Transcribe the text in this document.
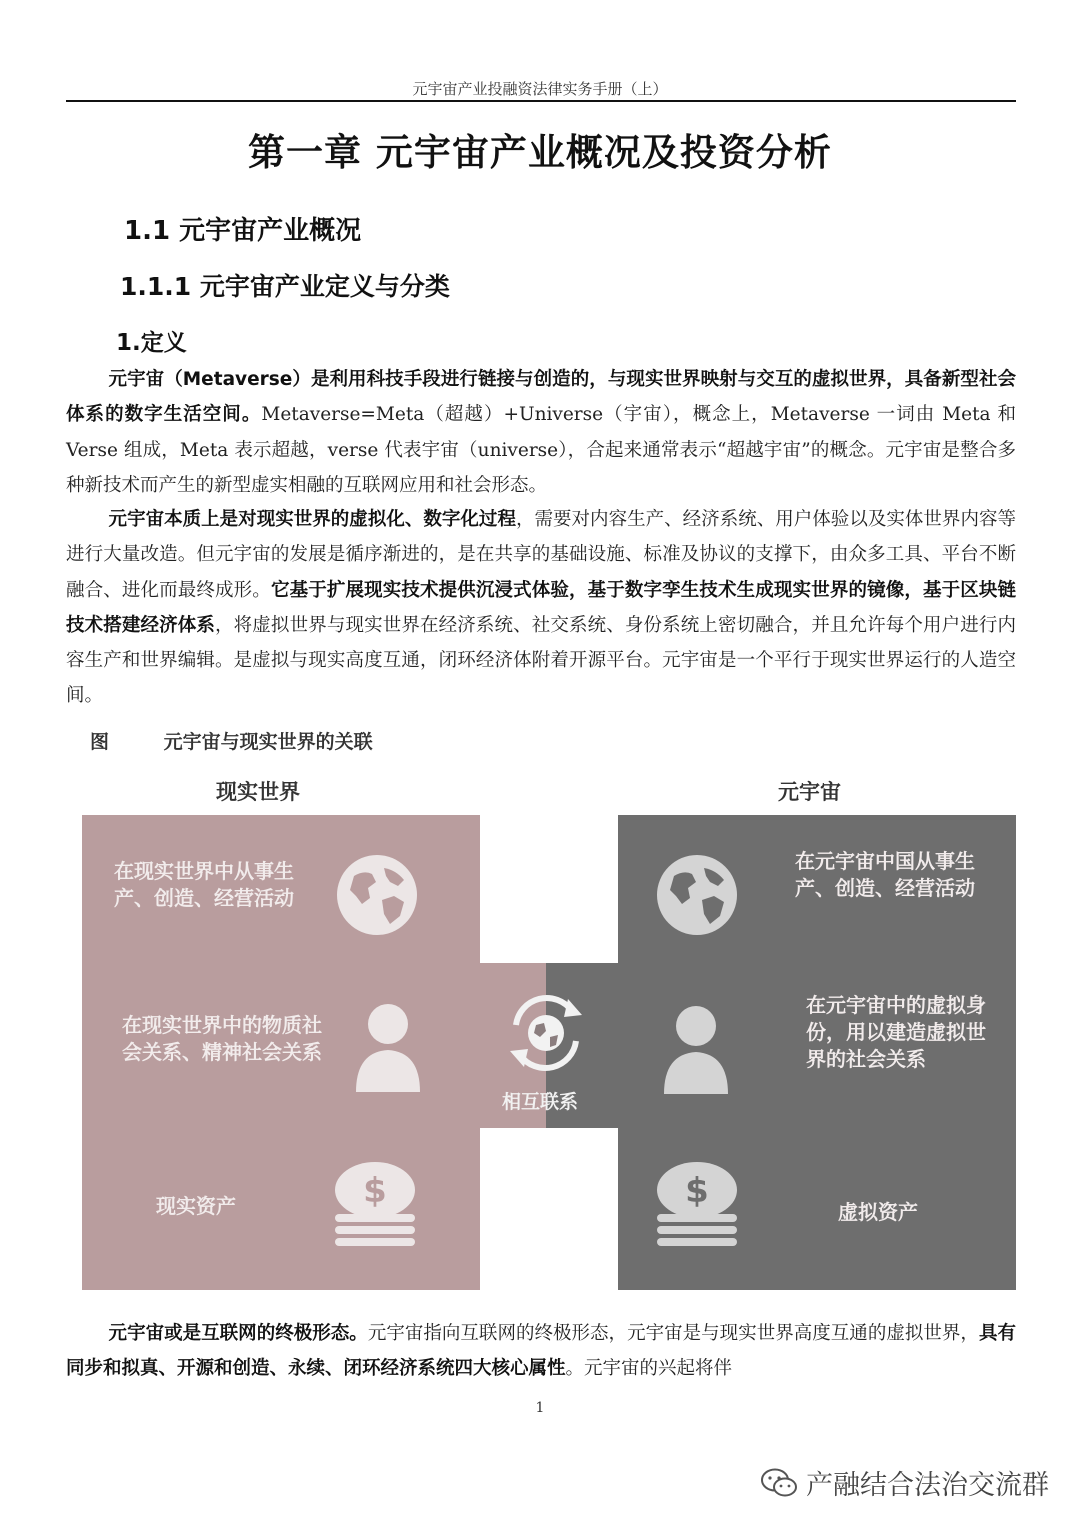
元宇宙产业投融资法律实务手册（上）
第一章 元宇宙产业概况及投资分析
1.1 元宇宙产业概况
1.1.1 元宇宙产业定义与分类
1.定义

元宇宙（Metaverse）是利用科技手段进行链接与创造的，与现实世界映射与交互的虚拟世界，具备新型社会体系的数字生活空间。Metaverse=Meta（超越）+Universe（宇宙），概念上，Metaverse 一词由 Meta 和 Verse 组成，Meta 表示超越，verse 代表宇宙（universe），合起来通常表示“超越宇宙”的概念。元宇宙是整合多种新技术而产生的新型虚实相融的互联网应用和社会形态。

元宇宙本质上是对现实世界的虚拟化、数字化过程，需要对内容生产、经济系统、用户体验以及实体世界内容等进行大量改造。但元宇宙的发展是循序渐进的，是在共享的基础设施、标准及协议的支撑下，由众多工具、平台不断融合、进化而最终成形。它基于扩展现实技术提供沉浸式体验，基于数字孪生技术生成现实世界的镜像，基于区块链技术搭建经济体系，将虚拟世界与现实世界在经济系统、社交系统、身份系统上密切融合，并且允许每个用户进行内容生产和世界编辑。是虚拟与现实高度互通，闭环经济体附着开源平台。元宇宙是一个平行于现实世界运行的人造空间。

图	元宇宙与现实世界的关联
现实世界	元宇宙
在现实世界中从事生产、创造、经营活动
在现实世界中的物质社会关系、精神社会关系
现实资产
在元宇宙中国从事生产、创造、经营活动
在元宇宙中的虚拟身份，用以建造虚拟世界的社会关系
虚拟资产
$	$
相互联系

元宇宙或是互联网的终极形态。元宇宙指向互联网的终极形态，元宇宙是与现实世界高度互通的虚拟世界，具有同步和拟真、开源和创造、永续、闭环经济系统四大核心属性。元宇宙的兴起将伴

1
产融结合法治交流群
